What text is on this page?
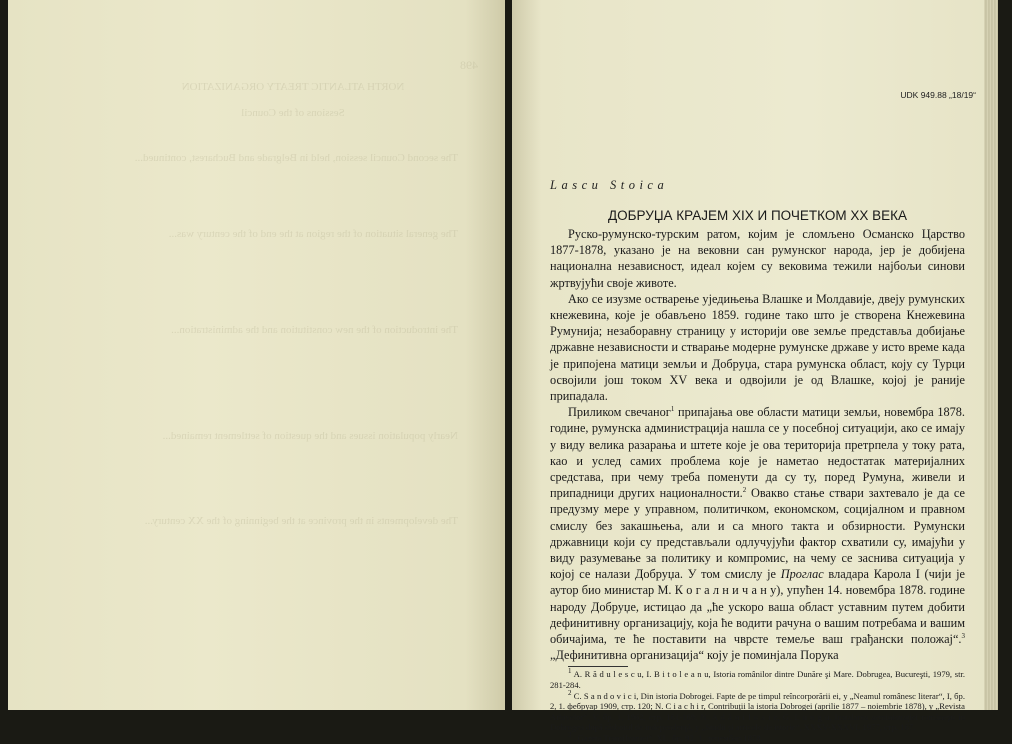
498
NORTH ATLANTIC TREATY ORGANIZATION
Sessions of the Council
The second Council session, held in Belgrade and Bucharest, continued...
The general situation of the region at the end of the century was...
The introduction of the new constitution and the administration...
Nearly population issues and the question of settlement remained...
The developments in the province at the beginning of the XX century...
UDK 949.88 „18/19“
Lascu Stoica
ДОБРУЏА КРАЈЕМ XIX И ПОЧЕТКОМ XX ВЕКА

Руско-румунско-турским ратом, којим је сломљено Османско Царство 1877-1878, указано је на вековни сан румунског народа, јер је добијена национална независност, идеал којем су вековима тежили најбољи синови жртвујући своје животе.

Ако се изузме остварење уједињења Влашке и Молдавије, двеју румунских кнежевина, које је обављено 1859. године тако што је створена Кнежевина Румунија; незаборавну страницу у историји ове земље представља добијање државне независности и стварање модерне румунске државе у исто време када је припојена матици земљи и Добруџа, стара румунска област, коју су Турци освојили још током XV века и одвојили је од Влашке, којој је раније припадала.

Приликом свечаног$^1$ припајања ове области матици земљи, новембра 1878. године, румунска администрација нашла се у посебној ситуацији, ако се имају у виду велика разарања и штете које је ова територија претрпела у току рата, као и услед самих проблема које је наметао недостатак материјалних средстава, при чему треба поменути да су ту, поред Румуна, живели и припадници других националности.$^2$ Овакво стање ствари захтевало је да се предузму мере у управном, политичком, економском, социјалном и правном смислу без закашњења, али и са много такта и обзирности. Румунски државници који су представљали одлучујући фактор схватили су, имајући у виду разумевање за политику и компромис, на чему се заснива ситуација у којој се налази Добруџа. У том смислу је Проглас владара Карола I (чији је аутор био министар М. К о г а л н и ч а н у), упућен 14. новембра 1878. године народу Добруџе, истицао да „ће ускоро ваша област уставним путем добити дефинитивну организацију, која ће водити рачуна о вашим потребама и вашим обичајима, те ће поставити на чврсте темеље ваш грађански положај“.$^3$ „Дефинитивна организација“ коју је поминјала Порука

$^1$ A. R ă d u l e s c u, I. B i t o l e a n u, Istoria românilor dintre Dunăre şi Mare. Dobrugea, Bucureşti, 1979, str. 281-284.

$^2$ C. S a n d o v i c i, Din istoria Dobrogei. Fapte de pe timpul reîncorporării ei, у „Neamul românesc literar“, I, бр. 2, 1. фебруар 1909, стр. 120; N. C i a c h i r, Contribuţii la istoria Dobrogei (aprilie 1877 – noiembrie 1878), у „Revista Arhivelor“, V, бр. 1, 1962, стр. 161-169; N. A d ă n i l o a i e, G. L u n g u, Instalarea aeministraţiei româneşti în Dobrogea după răsboiul de independenţă, у „Studii şi articole de istorie“, XXXV-XXXVI, 1977, стр. 167.

$^3$ „Gazeta Transilvaniei“, XL, бр. 92, 1. децембар 1878.
